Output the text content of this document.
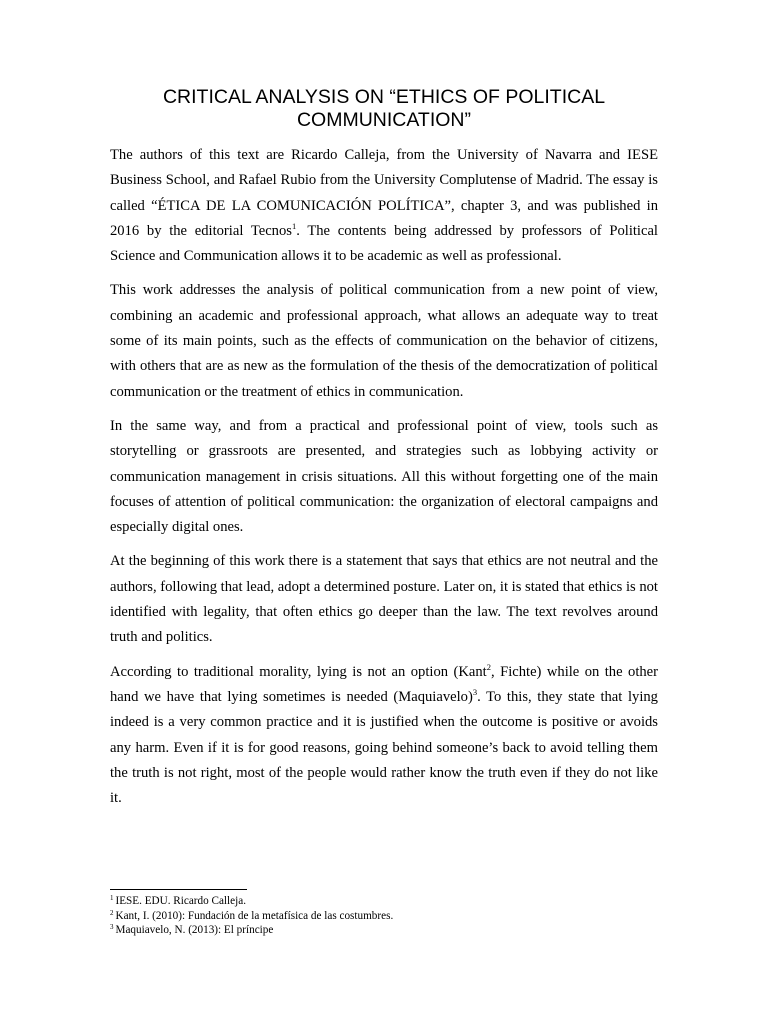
CRITICAL ANALYSIS ON “ETHICS OF POLITICAL
COMMUNICATION”

The authors of this text are Ricardo Calleja, from the University of Navarra and IESE Business School, and Rafael Rubio from the University Complutense of Madrid. The essay is called “ÉTICA DE LA COMUNICACIÓN POLÍTICA”, chapter 3, and was published in 2016 by the editorial Tecnos$^1$. The contents being addressed by professors of Political Science and Communication allows it to be academic as well as professional.

This work addresses the analysis of political communication from a new point of view, combining an academic and professional approach, what allows an adequate way to treat some of its main points, such as the effects of communication on the behavior of citizens, with others that are as new as the formulation of the thesis of the democratization of political communication or the treatment of ethics in communication.

In the same way, and from a practical and professional point of view, tools such as storytelling or grassroots are presented, and strategies such as lobbying activity or communication management in crisis situations. All this without forgetting one of the main focuses of attention of political communication: the organization of electoral campaigns and especially digital ones.

At the beginning of this work there is a statement that says that ethics are not neutral and the authors, following that lead, adopt a determined posture. Later on, it is stated that ethics is not identified with legality, that often ethics go deeper than the law. The text revolves around truth and politics.

According to traditional morality, lying is not an option (Kant$^2$, Fichte) while on the other hand we have that lying sometimes is needed (Maquiavelo)$^3$. To this, they state that lying indeed is a very common practice and it is justified when the outcome is positive or avoids any harm. Even if it is for good reasons, going behind someone’s back to avoid telling them the truth is not right, most of the people would rather know the truth even if they do not like it.

$^1$ IESE. EDU. Ricardo Calleja.

$^2$ Kant, I. (2010): Fundación de la metafísica de las costumbres.

$^3$ Maquiavelo, N. (2013): El príncipe
